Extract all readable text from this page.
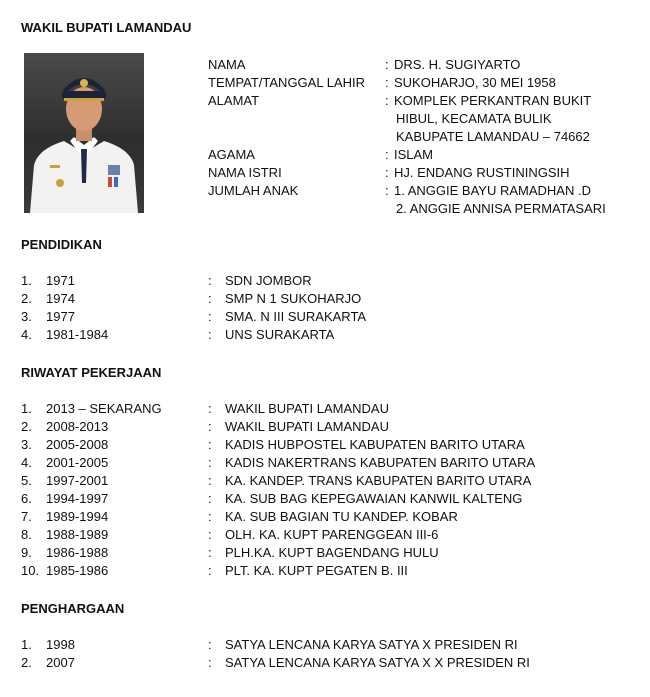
WAKIL BUPATI LAMANDAU
NAMA	: DRS. H. SUGIYARTO
TEMPAT/TANGGAL LAHIR : SUKOHARJO, 30 MEI 1958
ALAMAT	: KOMPLEK PERKANTRAN BUKIT
HIBUL, KECAMATA BULIK
KABUPATE LAMANDAU – 74662
AGAMA	: ISLAM
NAMA ISTRI	: HJ. ENDANG RUSTININGSIH
JUMLAH ANAK	: 1. ANGGIE BAYU RAMADHAN .D
2. ANGGIE ANNISA PERMATASARI
PENDIDIKAN
1. 1971	: SDN JOMBOR
2. 1974	: SMP N 1 SUKOHARJO
3. 1977	: SMA. N III SURAKARTA
4. 1981-1984	: UNS SURAKARTA
RIWAYAT PEKERJAAN
1. 2013 – SEKARANG	: WAKIL BUPATI LAMANDAU
2. 2008-2013	: WAKIL BUPATI LAMANDAU
3. 2005-2008	: KADIS HUBPOSTEL KABUPATEN BARITO UTARA
4. 2001-2005	: KADIS NAKERTRANS KABUPATEN BARITO UTARA
5. 1997-2001	: KA. KANDEP. TRANS KABUPATEN BARITO UTARA
6. 1994-1997	: KA. SUB BAG KEPEGAWAIAN KANWIL KALTENG
7. 1989-1994	: KA. SUB BAGIAN TU KANDEP. KOBAR
8. 1988-1989	: OLH. KA. KUPT PARENGGEAN III-6
9. 1986-1988	: PLH.KA. KUPT BAGENDANG HULU
10. 1985-1986	: PLT. KA. KUPT PEGATEN B. III
PENGHARGAAN
1. 1998	: SATYA LENCANA KARYA SATYA X PRESIDEN RI
2. 2007	: SATYA LENCANA KARYA SATYA X X PRESIDEN RI
